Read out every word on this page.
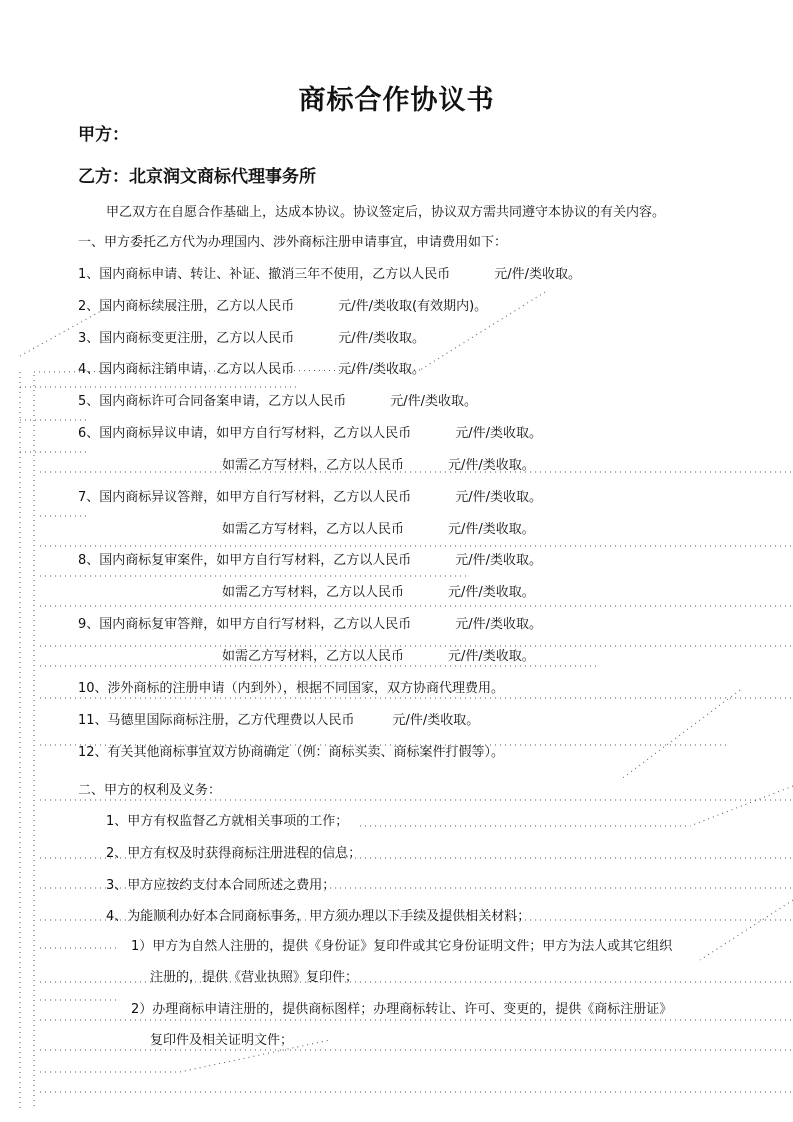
商标合作协议书

甲方：

乙方：北京润文商标代理事务所

甲乙双方在自愿合作基础上，达成本协议。协议签定后，协议双方需共同遵守本协议的有关内容。

一、甲方委托乙方代为办理国内、涉外商标注册申请事宜，申请费用如下：

1、国内商标申请、转让、补证、撤消三年不使用，乙方以人民币	元/件/类收取。

2、国内商标续展注册，乙方以人民币	元/件/类收取(有效期内)。

3、国内商标变更注册，乙方以人民币	元/件/类收取。

4、国内商标注销申请，乙方以人民币	元/件/类收取。

5、国内商标许可合同备案申请，乙方以人民币	元/件/类收取。

6、国内商标异议申请，如甲方自行写材料，乙方以人民币	元/件/类收取。

如需乙方写材料，乙方以人民币	元/件/类收取。

7、国内商标异议答辩，如甲方自行写材料，乙方以人民币	元/件/类收取。

如需乙方写材料，乙方以人民币	元/件/类收取。

8、国内商标复审案件，如甲方自行写材料，乙方以人民币	元/件/类收取。

如需乙方写材料，乙方以人民币	元/件/类收取。

9、国内商标复审答辩，如甲方自行写材料，乙方以人民币	元/件/类收取。

如需乙方写材料，乙方以人民币	元/件/类收取。

10、涉外商标的注册申请（内到外），根据不同国家，双方协商代理费用。

11、马德里国际商标注册，乙方代理费以人民币	元/件/类收取。

12、有关其他商标事宜双方协商确定（例：商标买卖、商标案件打假等）。

二、甲方的权利及义务：

1、甲方有权监督乙方就相关事项的工作；

2、甲方有权及时获得商标注册进程的信息；

3、甲方应按约支付本合同所述之费用；

4、为能顺利办好本合同商标事务，甲方须办理以下手续及提供相关材料；

1）甲方为自然人注册的，提供《身份证》复印件或其它身份证明文件；甲方为法人或其它组织

注册的，提供《营业执照》复印件；

2）办理商标申请注册的，提供商标图样；办理商标转让、许可、变更的，提供《商标注册证》

复印件及相关证明文件；
